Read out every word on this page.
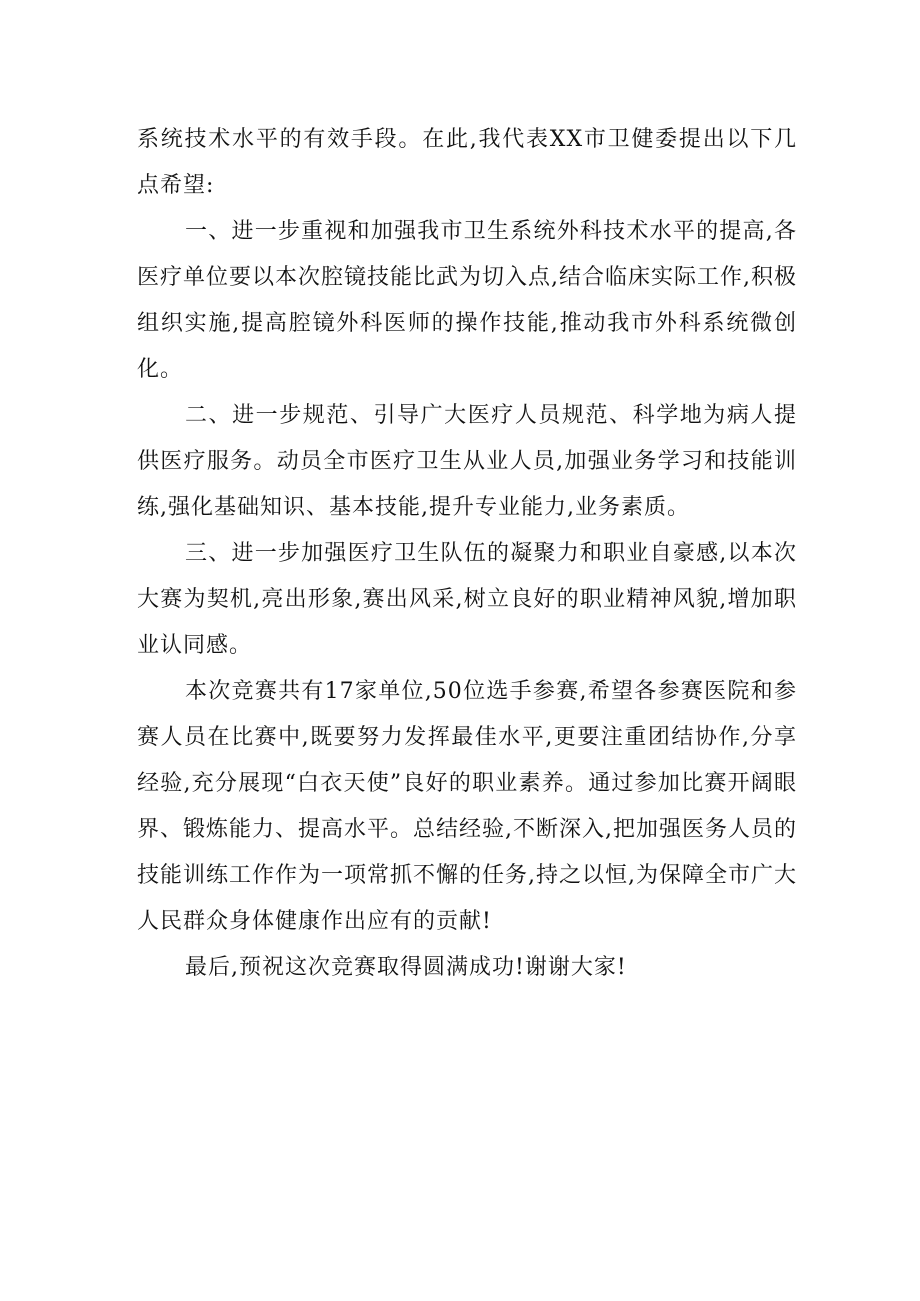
系统技术水平的有效手段。在此,我代表XX市卫健委提出以下几点希望:

一、进一步重视和加强我市卫生系统外科技术水平的提高,各医疗单位要以本次腔镜技能比武为切入点,结合临床实际工作,积极组织实施,提高腔镜外科医师的操作技能,推动我市外科系统微创化。

二、进一步规范、引导广大医疗人员规范、科学地为病人提供医疗服务。动员全市医疗卫生从业人员,加强业务学习和技能训练,强化基础知识、基本技能,提升专业能力,业务素质。

三、进一步加强医疗卫生队伍的凝聚力和职业自豪感,以本次大赛为契机,亮出形象,赛出风采,树立良好的职业精神风貌,增加职业认同感。

本次竞赛共有17家单位,50位选手参赛,希望各参赛医院和参赛人员在比赛中,既要努力发挥最佳水平,更要注重团结协作,分享经验,充分展现“白衣天使”良好的职业素养。通过参加比赛开阔眼界、锻炼能力、提高水平。总结经验,不断深入,把加强医务人员的技能训练工作作为一项常抓不懈的任务,持之以恒,为保障全市广大人民群众身体健康作出应有的贡献!

最后,预祝这次竞赛取得圆满成功!谢谢大家!
